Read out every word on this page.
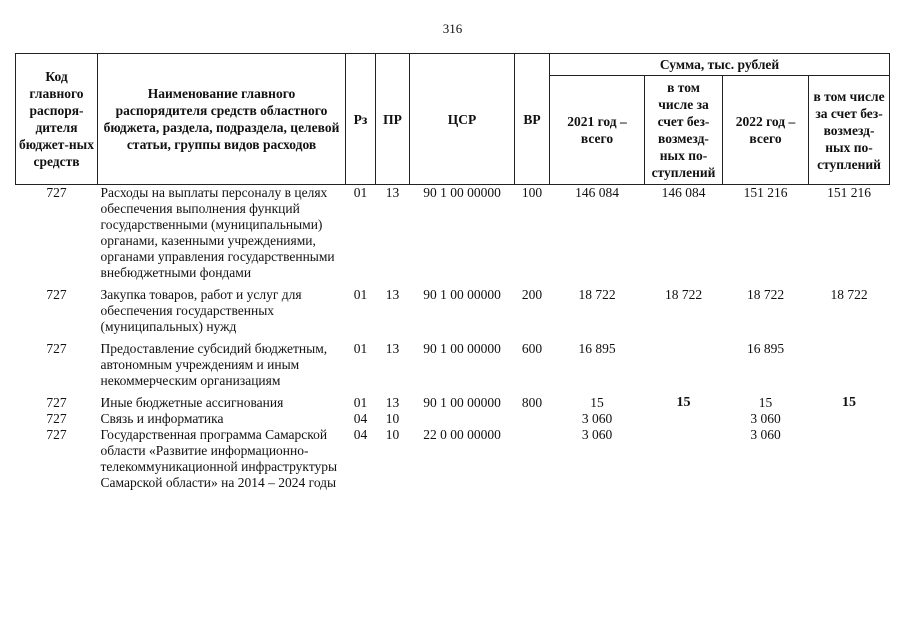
316
Код главного распоря-дителя бюджет-ных средств	Наименование главного распорядителя средств областного бюджета, раздела, подраздела, целевой статьи, группы видов расходов	Рз	ПР	ЦСР	ВР	Сумма, тыс. рублей			
						2021 год – всего	в том числе за счет без-возмезд-ных по-ступлений	2022 год – всего	в том числе за счет без-возмезд-ных по-ступлений
727	Расходы на выплаты персоналу в целях обеспечения выполнения функций государственными (муниципальными) органами, казенными учреждениями, органами управления государственными внебюджетными фондами	01	13	90 1 00 00000	100	146 084	146 084	151 216	151 216
727	Закупка товаров, работ и услуг для обеспечения государственных (муниципальных) нужд	01	13	90 1 00 00000	200	18 722	18 722	18 722	18 722
727	Предоставление субсидий бюджетным, автономным учреждениям и иным некоммерческим организациям	01	13	90 1 00 00000	600	16 895		16 895	
727	Иные бюджетные ассигнования	01	13	90 1 00 00000	800	15	15	15	15
727	Связь и информатика	04	10			3 060		3 060	
727	Государственная программа Самарской области «Развитие информационно-телекоммуникационной инфраструктуры Самарской области» на 2014 – 2024 годы	04	10	22 0 00 00000		3 060		3 060	
